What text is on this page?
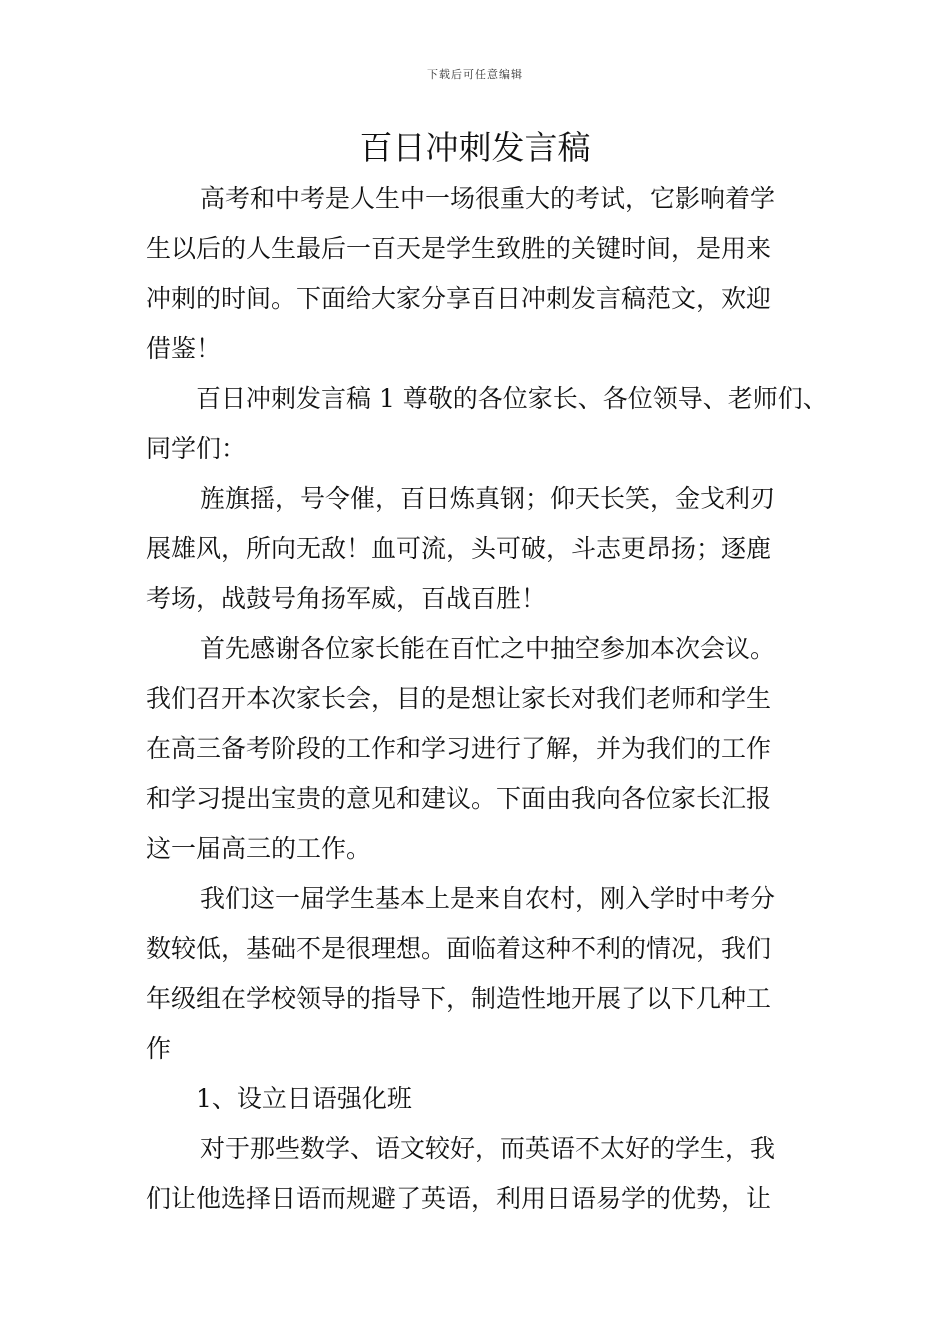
下载后可任意编辑
百日冲刺发言稿
高考和中考是人生中一场很重大的考试，它影响着学
生以后的人生最后一百天是学生致胜的关键时间，是用来
冲刺的时间。下面给大家分享百日冲刺发言稿范文，欢迎
借鉴！
百日冲刺发言稿 1 尊敬的各位家长、各位领导、老师们、
同学们：
旌旗摇，号令催，百日炼真钢；仰天长笑，金戈利刃
展雄风，所向无敌！血可流，头可破，斗志更昂扬；逐鹿
考场，战鼓号角扬军威，百战百胜！
首先感谢各位家长能在百忙之中抽空参加本次会议。
我们召开本次家长会，目的是想让家长对我们老师和学生
在高三备考阶段的工作和学习进行了解，并为我们的工作
和学习提出宝贵的意见和建议。下面由我向各位家长汇报
这一届高三的工作。
我们这一届学生基本上是来自农村，刚入学时中考分
数较低，基础不是很理想。面临着这种不利的情况，我们
年级组在学校领导的指导下，制造性地开展了以下几种工
作
1、设立日语强化班
对于那些数学、语文较好，而英语不太好的学生，我
们让他选择日语而规避了英语，利用日语易学的优势，让
